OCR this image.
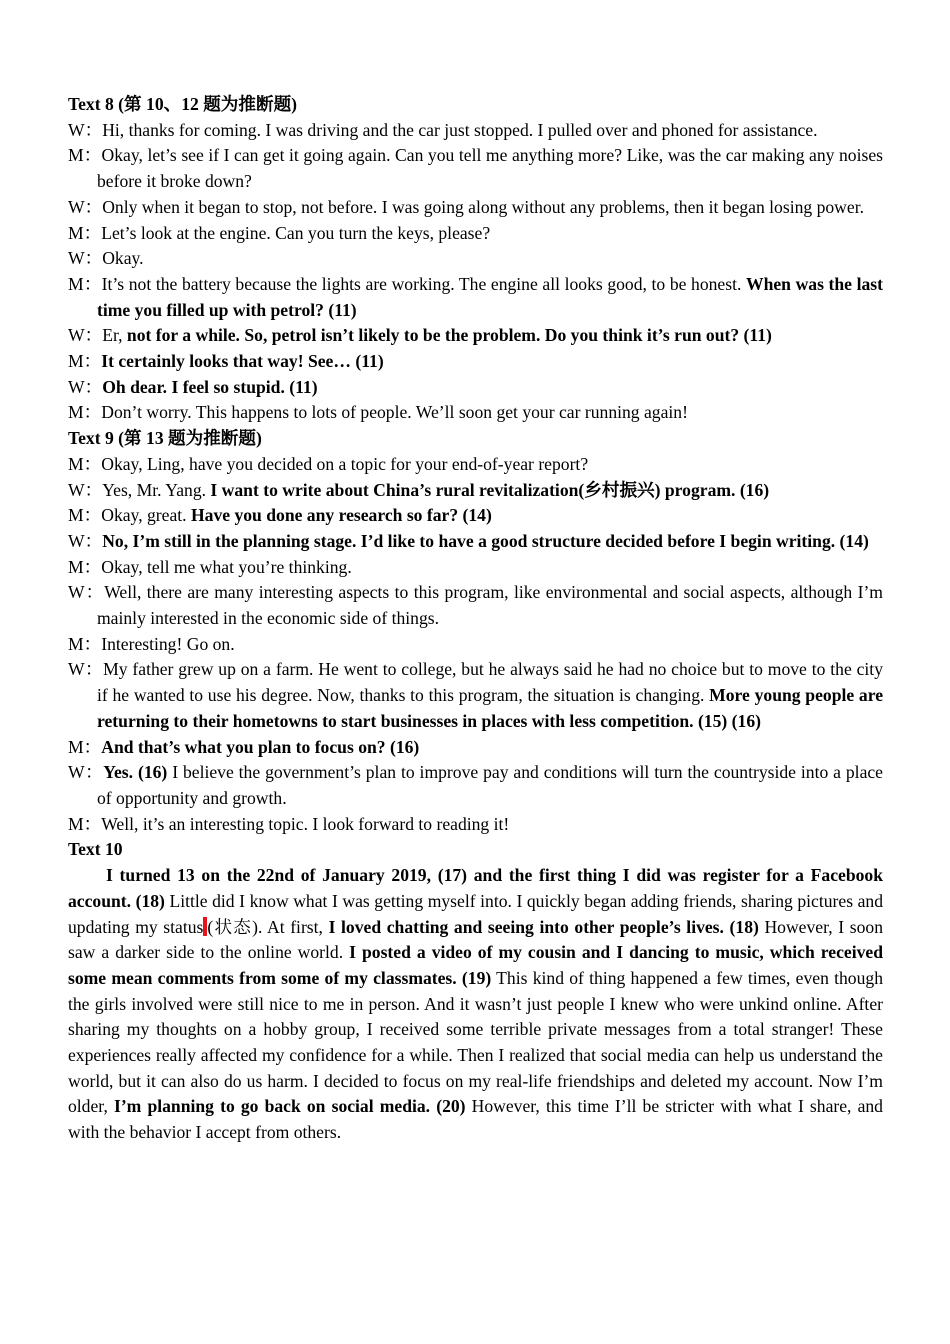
Text 8 (第 10、12 题为推断题)
W：Hi, thanks for coming. I was driving and the car just stopped. I pulled over and phoned for assistance.
M：Okay, let’s see if I can get it going again. Can you tell me anything more? Like, was the car making any noises before it broke down?
W：Only when it began to stop, not before. I was going along without any problems, then it began losing power.
M：Let’s look at the engine. Can you turn the keys, please?
W：Okay.
M：It’s not the battery because the lights are working. The engine all looks good, to be honest. When was the last time you filled up with petrol? (11)
W：Er, not for a while. So, petrol isn’t likely to be the problem. Do you think it’s run out? (11)
M：It certainly looks that way! See… (11)
W：Oh dear. I feel so stupid. (11)
M：Don’t worry. This happens to lots of people. We’ll soon get your car running again!
Text 9 (第 13 题为推断题)
M：Okay, Ling, have you decided on a topic for your end-of-year report?
W：Yes, Mr. Yang. I want to write about China’s rural revitalization(乡村振兴) program. (16)
M：Okay, great. Have you done any research so far? (14)
W：No, I’m still in the planning stage. I’d like to have a good structure decided before I begin writing. (14)
M：Okay, tell me what you’re thinking.
W：Well, there are many interesting aspects to this program, like environmental and social aspects, although I’m mainly interested in the economic side of things.
M：Interesting! Go on.
W：My father grew up on a farm. He went to college, but he always said he had no choice but to move to the city if he wanted to use his degree. Now, thanks to this program, the situation is changing. More young people are returning to their hometowns to start businesses in places with less competition. (15) (16)
M：And that’s what you plan to focus on? (16)
W：Yes. (16) I believe the government’s plan to improve pay and conditions will turn the countryside into a place of opportunity and growth.
M：Well, it’s an interesting topic. I look forward to reading it!
Text 10
I turned 13 on the 22nd of January 2019, (17) and the first thing I did was register for a Facebook account. (18) Little did I know what I was getting myself into. I quickly began adding friends, sharing pictures and updating my status (状态). At first, I loved chatting and seeing into other people’s lives. (18) However, I soon saw a darker side to the online world. I posted a video of my cousin and I dancing to music, which received some mean comments from some of my classmates. (19) This kind of thing happened a few times, even though the girls involved were still nice to me in person. And it wasn’t just people I knew who were unkind online. After sharing my thoughts on a hobby group, I received some terrible private messages from a total stranger! These experiences really affected my confidence for a while. Then I realized that social media can help us understand the world, but it can also do us harm. I decided to focus on my real-life friendships and deleted my account. Now I’m older, I’m planning to go back on social media. (20) However, this time I’ll be stricter with what I share, and with the behavior I accept from others.
